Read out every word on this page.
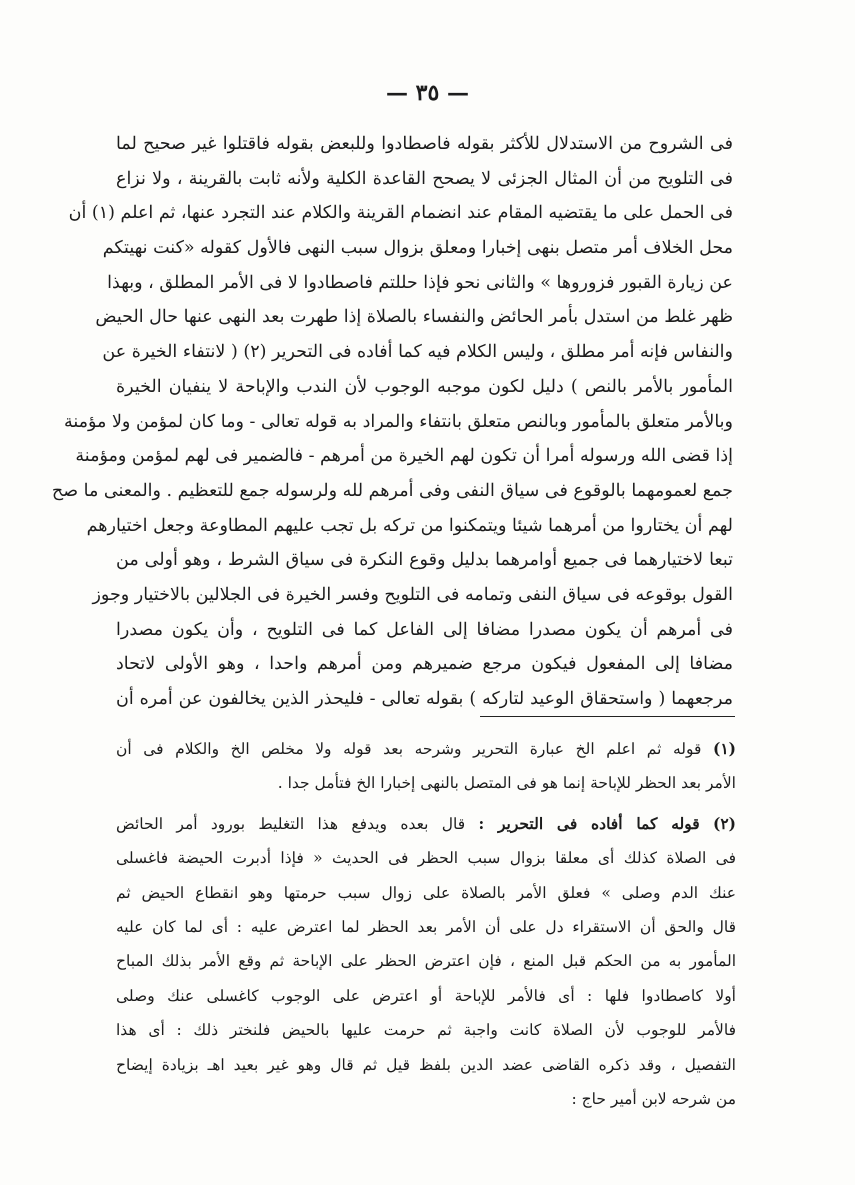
— ٣٥ —
فى الشروح من الاستدلال للأكثر بقوله فاصطادوا وللبعض بقوله فاقتلوا غير صحيح لما
فى التلويح من أن المثال الجزئى لا يصحح القاعدة الكلية ولأنه ثابت بالقرينة ، ولا نزاع
فى الحمل على ما يقتضيه المقام عند انضمام القرينة والكلام عند التجرد عنها، ثم اعلم (١) أن
محل الخلاف أمر متصل بنهى إخبارا ومعلق بزوال سبب النهى فالأول كقوله «كنت نهيتكم
عن زيارة القبور فزوروها » والثانى نحو فإذا حللتم فاصطادوا لا فى الأمر المطلق ، وبهذا
ظهر غلط من استدل بأمر الحائض والنفساء بالصلاة إذا طهرت بعد النهى عنها حال الحيض
والنفاس فإنه أمر مطلق ، وليس الكلام فيه كما أفاده فى التحرير (٢) ( لانتفاء الخيرة عن
المأمور بالأمر بالنص ) دليل لكون موجبه الوجوب لأن الندب والإباحة لا ينفيان الخيرة
وبالأمر متعلق بالمأمور وبالنص متعلق بانتفاء والمراد به قوله تعالى - وما كان لمؤمن ولا مؤمنة
إذا قضى الله ورسوله أمرا أن تكون لهم الخيرة من أمرهم - فالضمير فى لهم لمؤمن ومؤمنة
جمع لعمومهما بالوقوع فى سياق النفى وفى أمرهم لله ولرسوله جمع للتعظيم . والمعنى ما صح
لهم أن يختاروا من أمرهما شيئا ويتمكنوا من تركه بل تجب عليهم المطاوعة وجعل اختيارهم
تبعا لاختيارهما فى جميع أوامرهما بدليل وقوع النكرة فى سياق الشرط ، وهو أولى من
القول بوقوعه فى سياق النفى وتمامه فى التلويح وفسر الخيرة فى الجلالين بالاختيار وجوز
فى أمرهم أن يكون مصدرا مضافا إلى الفاعل كما فى التلويح ، وأن يكون مصدرا
مضافا إلى المفعول فيكون مرجع ضميرهم ومن أمرهم واحدا ، وهو الأولى لاتحاد
مرجعهما ( واستحقاق الوعيد لتاركه ) بقوله تعالى - فليحذر الذين يخالفون عن أمره أن
(١) قوله ثم اعلم الخ عبارة التحرير وشرحه بعد قوله ولا مخلص الخ والكلام فى أن
الأمر بعد الحظر للإباحة إنما هو فى المتصل بالنهى إخبارا الخ فتأمل جدا .
(٢) قوله كما أفاده فى التحرير : قال بعده ويدفع هذا التغليط بورود أمر الحائض
فى الصلاة كذلك أى معلقا بزوال سبب الحظر فى الحديث « فإذا أدبرت الحيضة فاغسلى
عنك الدم وصلى » فعلق الأمر بالصلاة على زوال سبب حرمتها وهو انقطاع الحيض ثم
قال والحق أن الاستقراء دل على أن الأمر بعد الحظر لما اعترض عليه : أى لما كان عليه
المأمور به من الحكم قبل المنع ، فإن اعترض الحظر على الإباحة ثم وقع الأمر بذلك المباح
أولا كاصطادوا فلها : أى فالأمر للإباحة أو اعترض على الوجوب كاغسلى عنك وصلى
فالأمر للوجوب لأن الصلاة كانت واجبة ثم حرمت عليها بالحيض فلنختر ذلك : أى هذا
التفصيل ، وقد ذكره القاضى عضد الدين بلفظ قيل ثم قال وهو غير بعيد اهـ بزيادة إيضاح
من شرحه لابن أمير حاج :
